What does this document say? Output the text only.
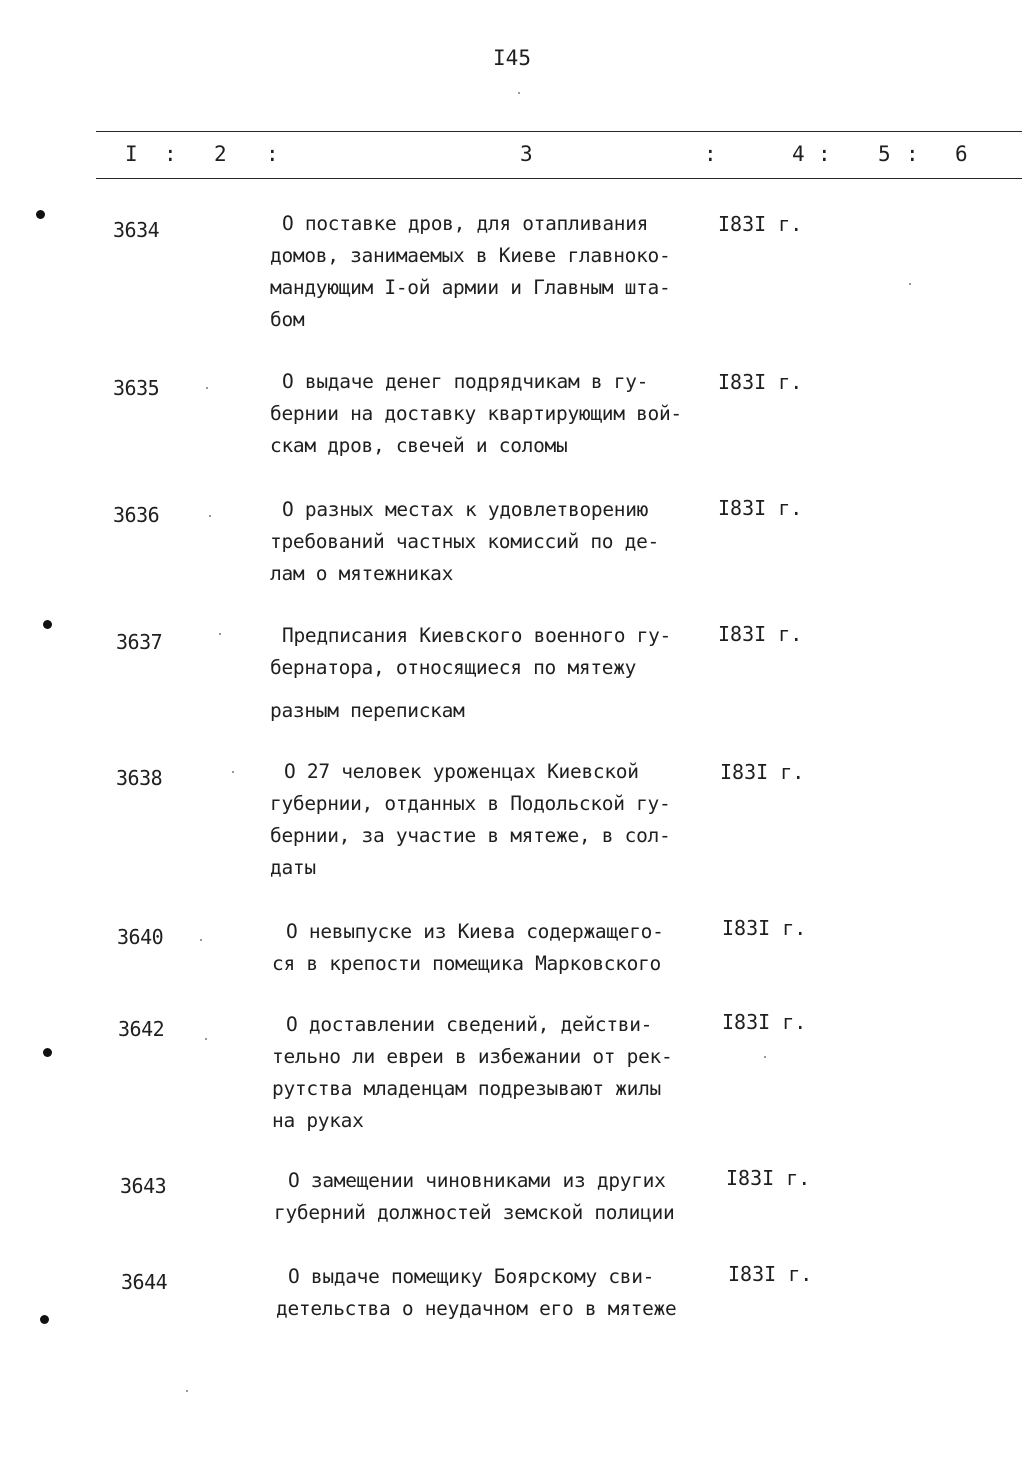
I45
I : 2 :	3	:	4 : 5 : 6
3634	О поставке дров, для отапливания
домов, занимаемых в Киеве главноко-
мандующим I-ой армии и Главным шта-
бом
I83I г.
3635	О выдаче денег подрядчикам в гу-
бернии на доставку квартирующим вой-
скам дров, свечей и соломы
I83I г.
3636	О разных местах к удовлетворению
требований частных комиссий по де-
лам о мятежниках
I83I г.
3637	Предписания Киевского военного гу-
бернатора, относящиеся по мятежу
разным перепискам
I83I г.
3638	О 27 человек уроженцах Киевской
губернии, отданных в Подольской гу-
бернии, за участие в мятеже, в сол-
даты
I83I г.
3640	О невыпуске из Киева содержащего-
ся в крепости помещика Марковского
I83I г.
3642	О доставлении сведений, действи-
тельно ли евреи в избежании от рек-
рутства младенцам подрезывают жилы
на руках
I83I г.
3643	О замещении чиновниками из других
губерний должностей земской полиции
I83I г.
3644	О выдаче помещику Боярскому сви-
детельства о неудачном его в мятеже
I83I г.
